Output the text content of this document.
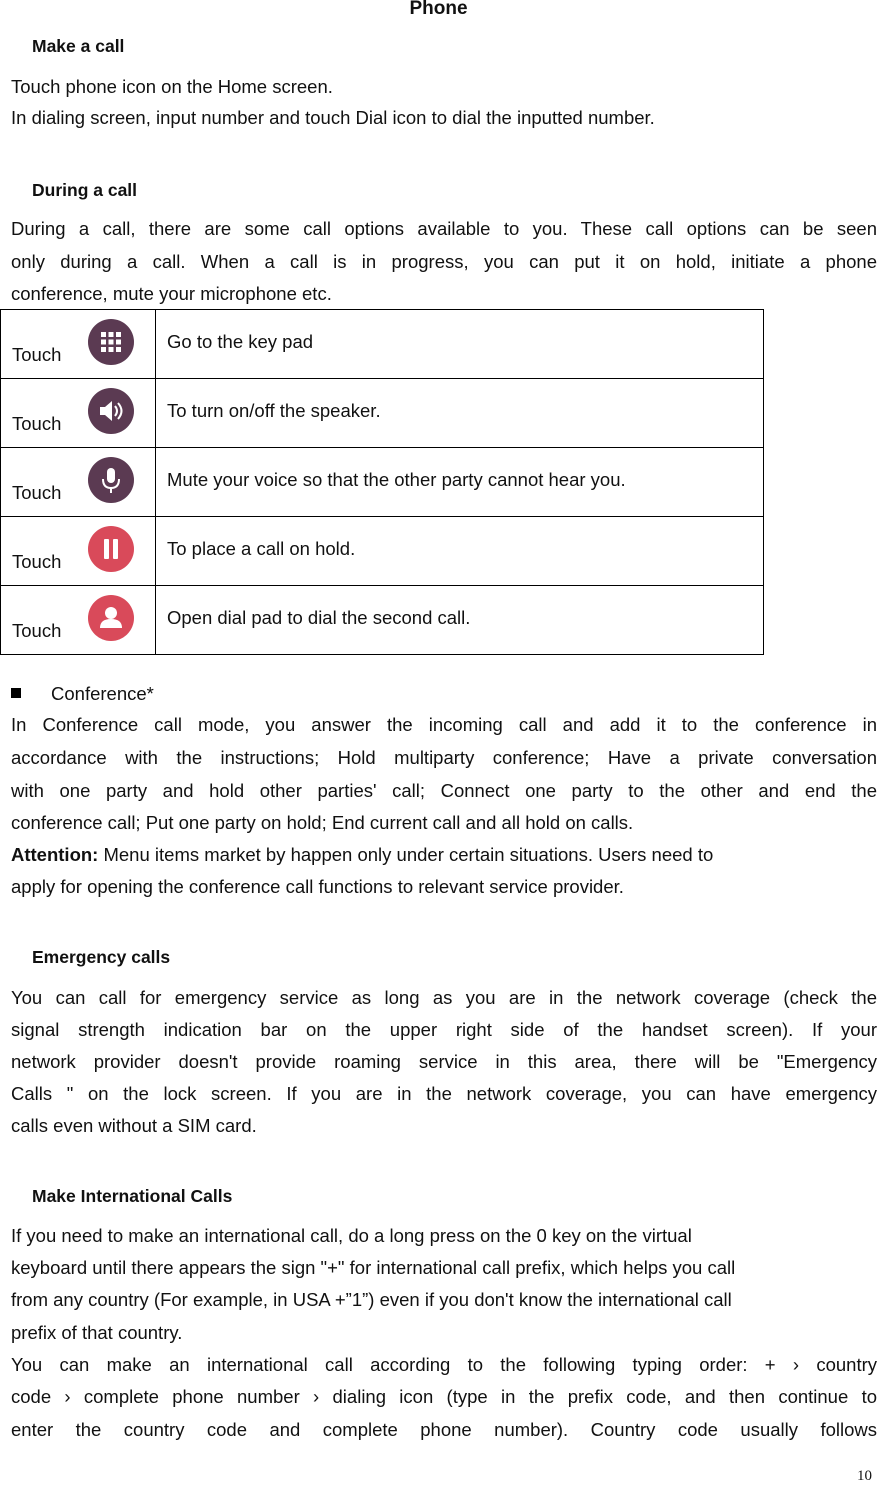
Phone
Make a call
Touch phone icon on the Home screen.
In dialing screen, input number and touch Dial icon to dial the inputted number.
During a call
During a call, there are some call options available to you. These call options can be seen
only during a call. When a call is in progress, you can put it on hold, initiate a phone
conference, mute your microphone etc.
Touch	Go to the key pad

Touch	To turn on/off the speaker.

Touch	Mute your voice so that the other party cannot hear you.

Touch	To place a call on hold.

Touch	Open dial pad to dial the second call.
Conference*
In Conference call mode, you answer the incoming call and add it to the conference in
accordance with the instructions; Hold multiparty conference; Have a private conversation
with one party and hold other parties' call; Connect one party to the other and end the
conference call; Put one party on hold; End current call and all hold on calls.
Attention: Menu items market by happen only under certain situations. Users need to
apply for opening the conference call functions to relevant service provider.
Emergency calls
You can call for emergency service as long as you are in the network coverage (check the
signal strength indication bar on the upper right side of the handset screen). If your
network provider doesn't provide roaming service in this area, there will be "Emergency
Calls " on the lock screen. If you are in the network coverage, you can have emergency
calls even without a SIM card.
Make International Calls
If you need to make an international call, do a long press on the 0 key on the virtual
keyboard until there appears the sign "+" for international call prefix, which helps you call
from any country (For example, in USA +”1”) even if you don't know the international call
prefix of that country.
You can make an international call according to the following typing order: + › country
code › complete phone number › dialing icon (type in the prefix code, and then continue to
enter the country code and complete phone number). Country code usually follows
10
